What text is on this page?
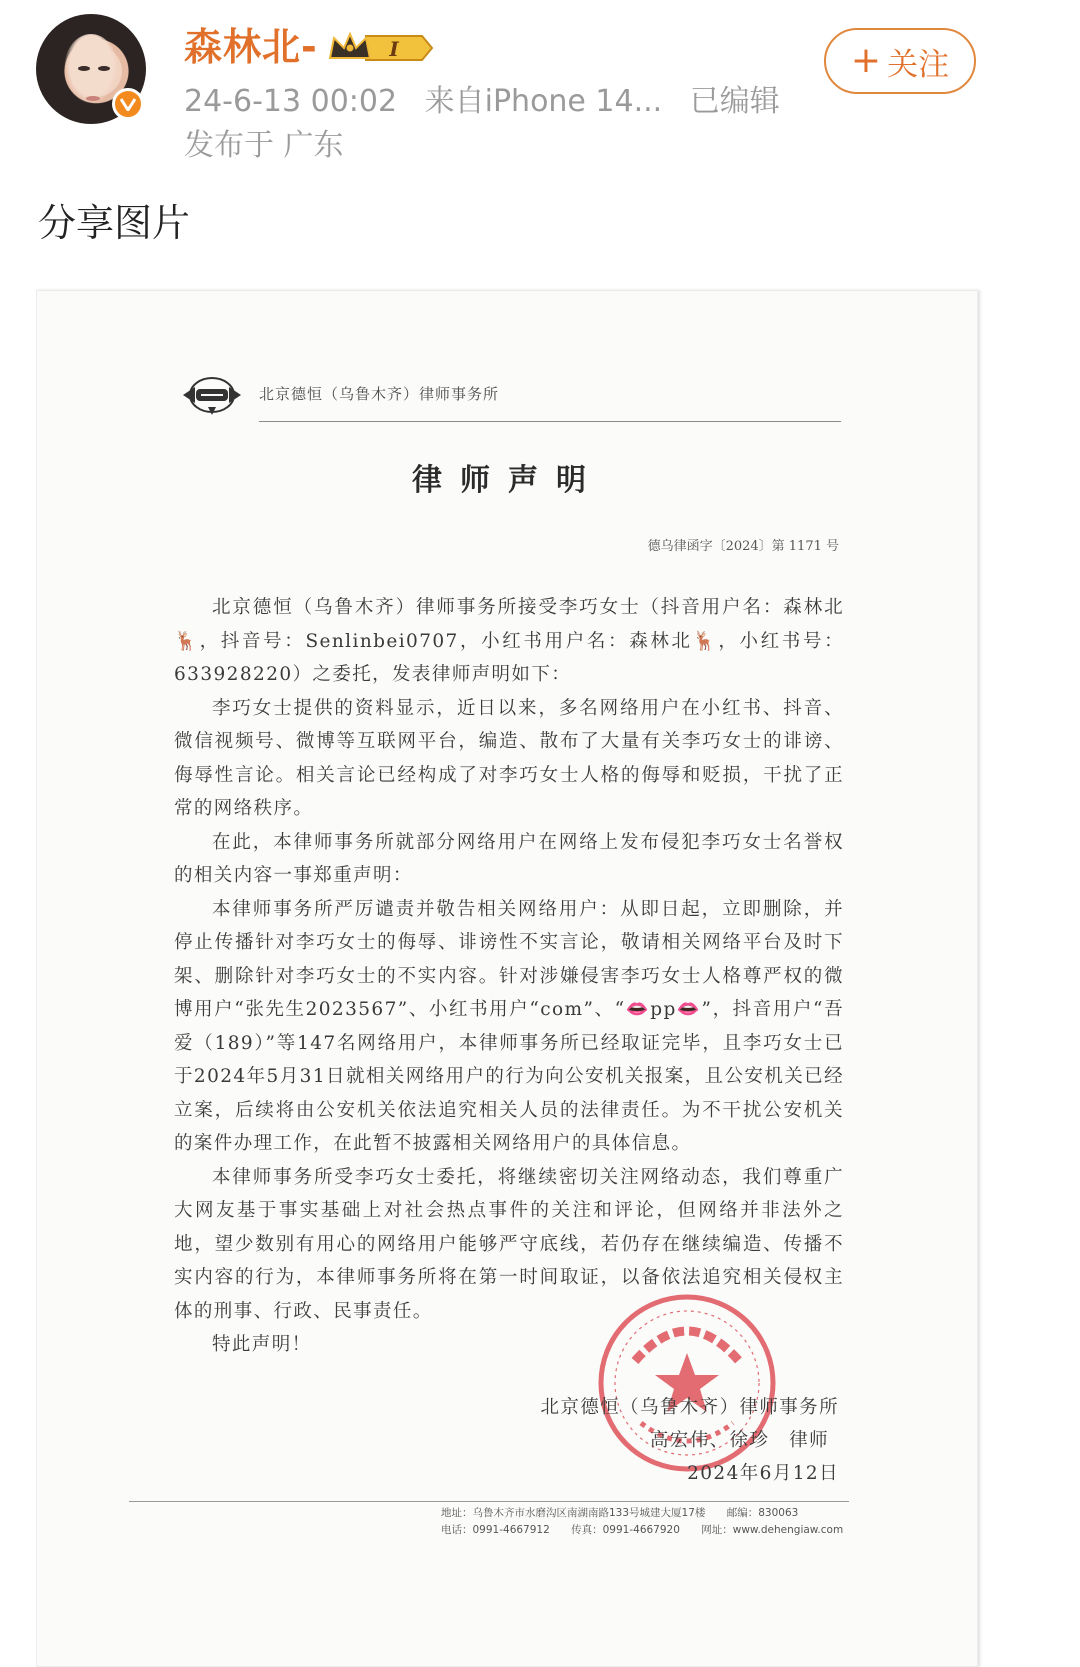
森林北-	I
24-6-13 00:02 来自iPhone 14... 已编辑
发布于 广东
+ 关注
分享图片
北京德恒（乌鲁木齐）律师事务所
律师声明
德乌律函字〔2024〕第 1171 号

北京德恒（乌鲁木齐）律师事务所接受李巧女士（抖音用户名：森林北🦌，抖音号：Senlinbei0707，小红书用户名：森林北🦌，小红书号：633928220）之委托，发表律师声明如下：

李巧女士提供的资料显示，近日以来，多名网络用户在小红书、抖音、微信视频号、微博等互联网平台，编造、散布了大量有关李巧女士的诽谤、侮辱性言论。相关言论已经构成了对李巧女士人格的侮辱和贬损，干扰了正常的网络秩序。

在此，本律师事务所就部分网络用户在网络上发布侵犯李巧女士名誉权的相关内容一事郑重声明：

本律师事务所严厉谴责并敬告相关网络用户：从即日起，立即删除，并停止传播针对李巧女士的侮辱、诽谤性不实言论，敬请相关网络平台及时下架、删除针对李巧女士的不实内容。针对涉嫌侵害李巧女士人格尊严权的微博用户“张先生2023567”、小红书用户“com”、“👄pp👄”，抖音用户“吾爱（189）”等147名网络用户，本律师事务所已经取证完毕，且李巧女士已于2024年5月31日就相关网络用户的行为向公安机关报案，且公安机关已经立案，后续将由公安机关依法追究相关人员的法律责任。为不干扰公安机关的案件办理工作，在此暂不披露相关网络用户的具体信息。

本律师事务所受李巧女士委托，将继续密切关注网络动态，我们尊重广大网友基于事实基础上对社会热点事件的关注和评论，但网络并非法外之地，望少数别有用心的网络用户能够严守底线，若仍存在继续编造、传播不实内容的行为，本律师事务所将在第一时间取证，以备依法追究相关侵权主体的刑事、行政、民事责任。

特此声明！

北京德恒（乌鲁木齐）律师事务所
高宏伟、徐珍　律师
2024年6月12日
地址：乌鲁木齐市水磨沟区南湖南路133号城建大厦17楼 邮编：830063
电话：0991-4667912 传真：0991-4667920 网址：www.dehengiaw.com
